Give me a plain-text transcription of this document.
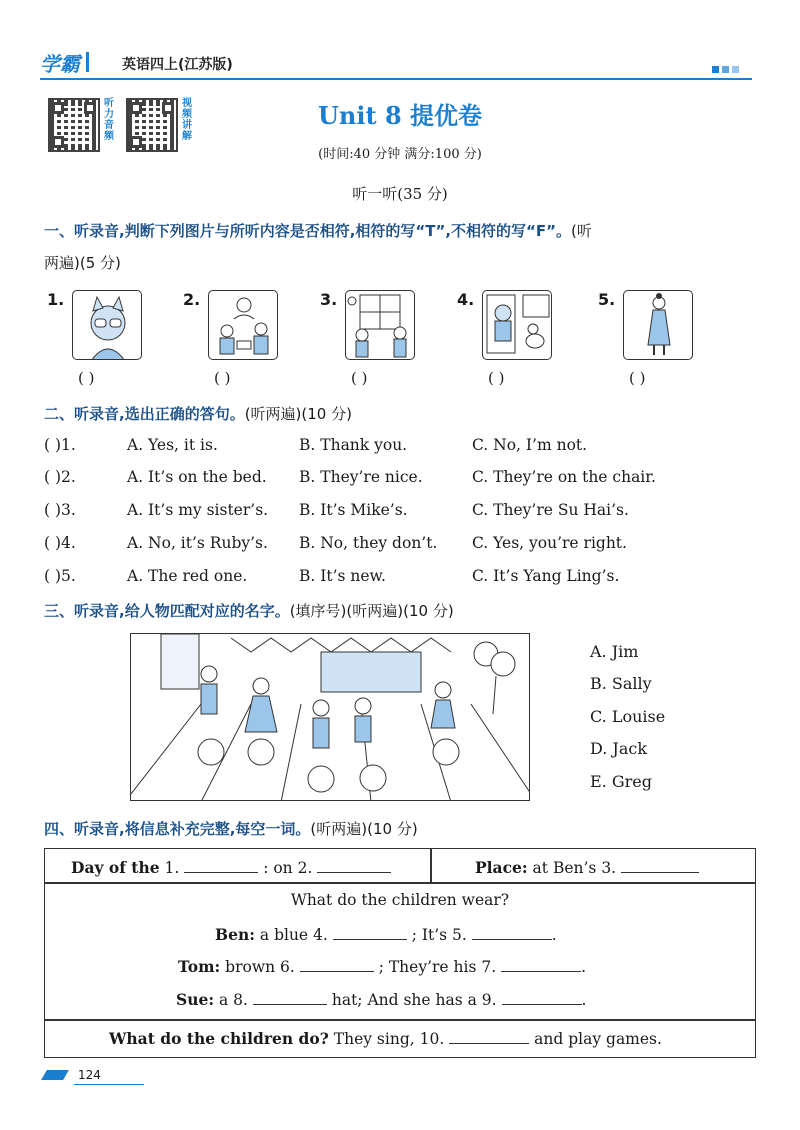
学霸	英语四上(江苏版)
听力音频
视频讲解
Unit 8 提优卷
(时间:40 分钟 满分:100 分)
听一听(35 分)
一、听录音,判断下列图片与所听内容是否相符,相符的写“T”,不相符的写“F”。(听
两遍)(5 分)
1.
( )
2.
( )
3.
( )
4.
( )
5.
( )
二、听录音,选出正确的答句。(听两遍)(10 分)
( )1.	A. Yes, it is.	B. Thank you.	C. No, I’m not.
( )2.	A. It’s on the bed. B. They’re nice.	C. They’re on the chair.
( )3.	A. It’s my sister’s. B. It’s Mike’s.	C. They’re Su Hai’s.
( )4.	A. No, it’s Ruby’s. B. No, they don’t. C. Yes, you’re right.
( )5.	A. The red one.	B. It’s new.	C. It’s Yang Ling’s.
三、听录音,给人物匹配对应的名字。(填序号)(听两遍)(10 分)
A. Jim
B. Sally
C. Louise
D. Jack
E. Greg
四、听录音,将信息补充完整,每空一词。(听两遍)(10 分)
Day of the 1.	: on 2.	Place: at Ben’s 3.
What do the children wear?
Ben: a blue 4.	; It’s 5.	.
Tom: brown 6.	; They’re his 7.	.
Sue: a 8.	hat; And she has a 9.	.
What do the children do? They sing, 10.	and play games.
124
